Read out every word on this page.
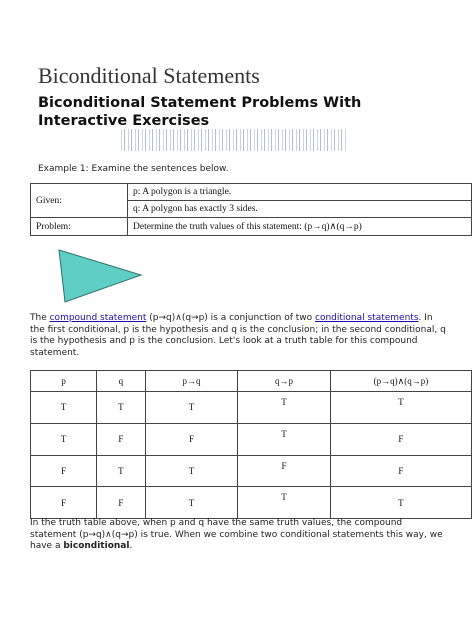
Biconditional Statements
Biconditional Statement Problems With Interactive Exercises

Example 1: Examine the sentences below.

Given:	p: A polygon is a triangle.
	q: A polygon has exactly 3 sides.
Problem:	Determine the truth values of this statement: (p→q)∧(q→p)

The compound statement (p→q)∧(q→p) is a conjunction of two conditional statements. In the first conditional, p is the hypothesis and q is the conclusion; in the second conditional, q is the hypothesis and p is the conclusion. Let's look at a truth table for this compound statement.

p	q	p→q	q→p	(p→q)∧(q→p)
T	T	T	T	T
T	F	F	T	F
F	T	T	F	F
F	F	T	T	T

In the truth table above, when p and q have the same truth values, the compound statement (p→q)∧(q→p) is true. When we combine two conditional statements this way, we have a biconditional.
